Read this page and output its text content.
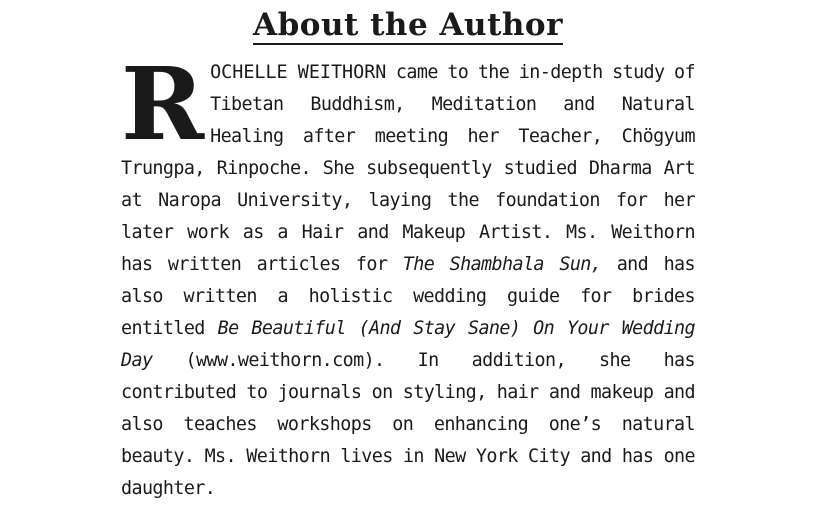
About the Author

ROCHELLE WEITHORN came to the in-depth study of Tibetan Buddhism, Meditation and Natural Healing after meeting her Teacher, Chögyum Trungpa, Rinpoche. She subsequently studied Dharma Art at Naropa University, laying the foundation for her later work as a Hair and Makeup Artist. Ms. Weithorn has written articles for The Shambhala Sun, and has also written a holistic wedding guide for brides entitled Be Beautiful (And Stay Sane) On Your Wedding Day (www.weithorn.com). In addition, she has contributed to journals on styling, hair and makeup and also teaches workshops on enhancing one’s natural beauty. Ms. Weithorn lives in New York City and has one daughter.
